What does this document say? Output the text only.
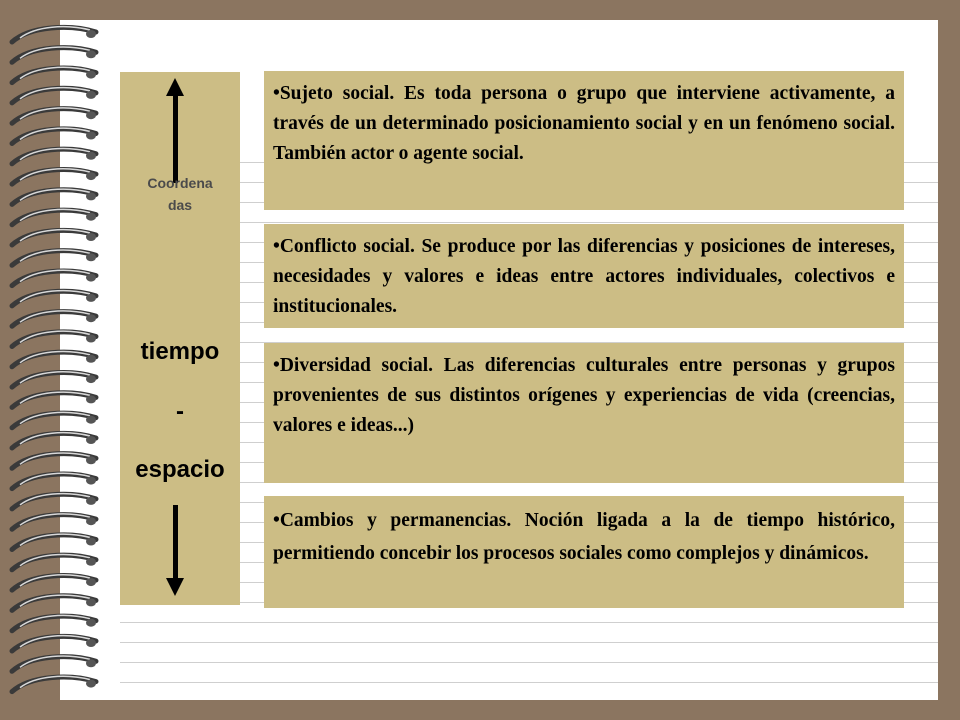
Coordena
das
tiempo
-
espacio
•Sujeto social. Es toda persona o grupo que interviene activamente, a través de un determinado posicionamiento social y en un fenómeno social. También actor o agente social.
•Conflicto social. Se produce por las diferencias y posiciones de intereses, necesidades y valores e ideas entre actores individuales, colectivos e institucionales.
•Diversidad social. Las diferencias culturales entre personas y grupos provenientes de sus distintos orígenes y experiencias de vida (creencias, valores e ideas...)
•Cambios y permanencias. Noción ligada a la de tiempo histórico, permitiendo concebir los procesos sociales como complejos y dinámicos.
